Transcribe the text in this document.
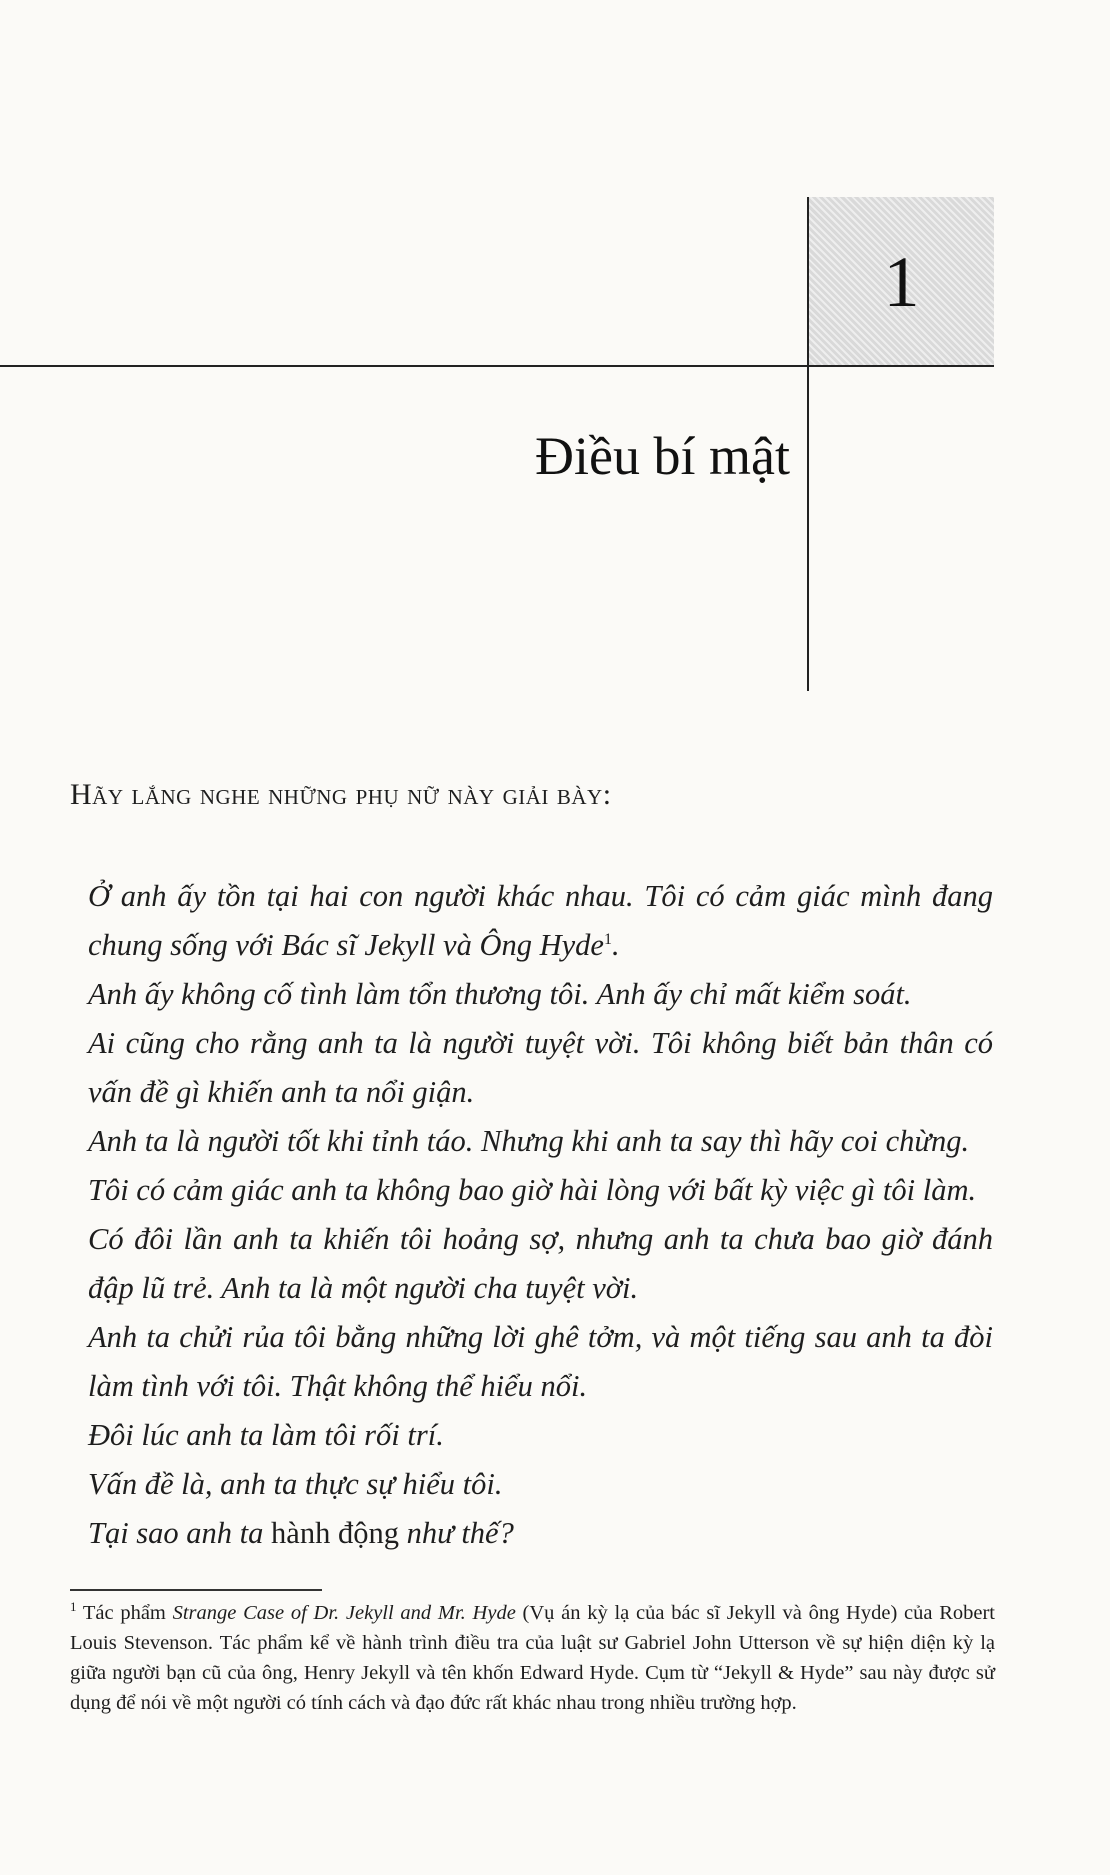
1
Điều bí mật
Hãy lắng nghe những phụ nữ này giải bày:

Ở anh ấy tồn tại hai con người khác nhau. Tôi có cảm giác mình đang chung sống với Bác sĩ Jekyll và Ông Hyde$^1$.

Anh ấy không cố tình làm tổn thương tôi. Anh ấy chỉ mất kiểm soát.

Ai cũng cho rằng anh ta là người tuyệt vời. Tôi không biết bản thân có vấn đề gì khiến anh ta nổi giận.

Anh ta là người tốt khi tỉnh táo. Nhưng khi anh ta say thì hãy coi chừng.

Tôi có cảm giác anh ta không bao giờ hài lòng với bất kỳ việc gì tôi làm.

Có đôi lần anh ta khiến tôi hoảng sợ, nhưng anh ta chưa bao giờ đánh đập lũ trẻ. Anh ta là một người cha tuyệt vời.

Anh ta chửi rủa tôi bằng những lời ghê tởm, và một tiếng sau anh ta đòi làm tình với tôi. Thật không thể hiểu nổi.

Đôi lúc anh ta làm tôi rối trí.

Vấn đề là, anh ta thực sự hiểu tôi.

Tại sao anh ta hành động như thế?

$^1$ Tác phẩm Strange Case of Dr. Jekyll and Mr. Hyde (Vụ án kỳ lạ của bác sĩ Jekyll và ông Hyde) của Robert Louis Stevenson. Tác phẩm kể về hành trình điều tra của luật sư Gabriel John Utterson về sự hiện diện kỳ lạ giữa người bạn cũ của ông, Henry Jekyll và tên khốn Edward Hyde. Cụm từ “Jekyll & Hyde” sau này được sử dụng để nói về một người có tính cách và đạo đức rất khác nhau trong nhiều trường hợp.
